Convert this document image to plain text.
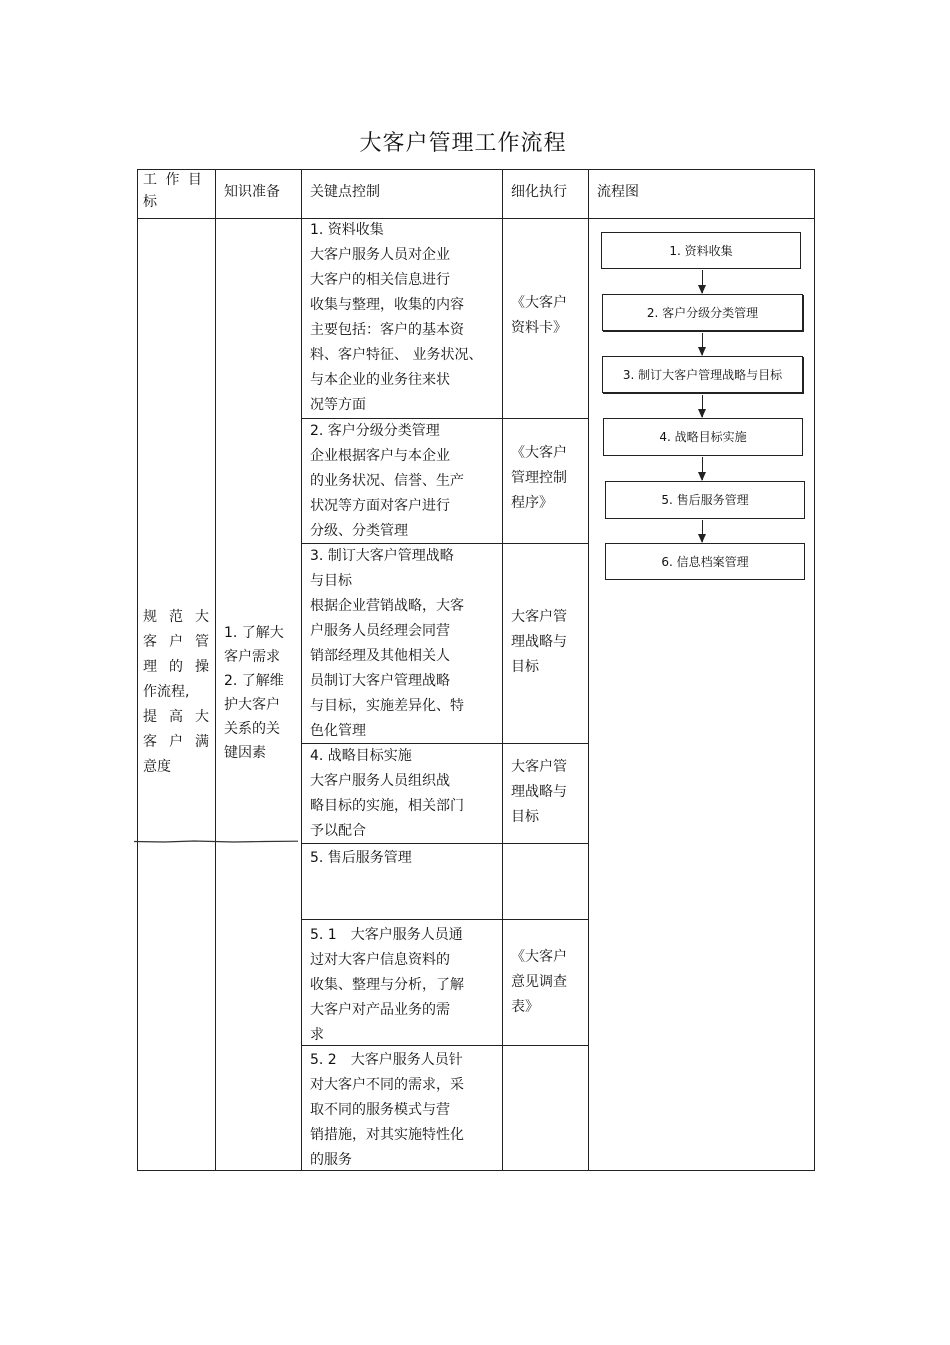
大客户管理工作流程
工 作 目
标
知识准备 关键点控制	细化执行 流程图
规 范 大
客 户 管
理 的 操
作流程,
提 高 大
客 户 满
意度
1. 了解大
客户需求
2. 了解维
护大客户
关系的关
键因素
1. 资料收集
大客户服务人员对企业
大客户的相关信息进行
收集与整理，收集的内容
主要包括：客户的基本资
料、客户特征、 业务状况、
与本企业的业务往来状
况等方面
《大客户
资料卡》
2. 客户分级分类管理
企业根据客户与本企业
的业务状况、信誉、生产
状况等方面对客户进行
分级、分类管理
《大客户
管理控制
程序》
3. 制订大客户管理战略
与目标
根据企业营销战略，大客
户服务人员经理会同营
销部经理及其他相关人
员制订大客户管理战略
与目标，实施差异化、特
色化管理
大客户管
理战略与
目标
4. 战略目标实施
大客户服务人员组织战
略目标的实施，相关部门
予以配合
大客户管
理战略与
目标
5. 售后服务管理
5. 1　大客户服务人员通
过对大客户信息资料的
收集、整理与分析，了解
大客户对产品业务的需
求
《大客户
意见调查
表》
5. 2　大客户服务人员针
对大客户不同的需求，采
取不同的服务模式与营
销措施，对其实施特性化
的服务
1. 资料收集
2. 客户分级分类管理
3. 制订大客户管理战略与目标
4. 战略目标实施
5. 售后服务管理
6. 信息档案管理
